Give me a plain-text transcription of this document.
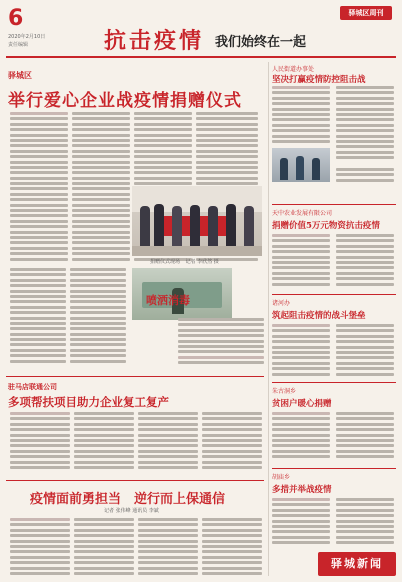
6
2020年2月10日
责任编辑	抗击疫情 我们始终在一起
驿城区周刊
驿城区
举行爱心企业战疫情捐赠仪式
捐赠仪式现场 记者 李欣然 摄
喷洒消毒
驻马店联通公司
多项帮扶项目助力企业复工复产
疫情面前勇担当　逆行而上保通信
记者 张伟峰 通讯员 李斌
人民街道办事处
坚决打赢疫情防控阻击战
天中农业发展有限公司
捐赠价值5万元物资抗击疫情
诸河办
筑起阻击疫情的战斗堡垒
朱古洞乡
贫困户暖心捐赠
胡庙乡
多措并举战疫情
驿城新闻
